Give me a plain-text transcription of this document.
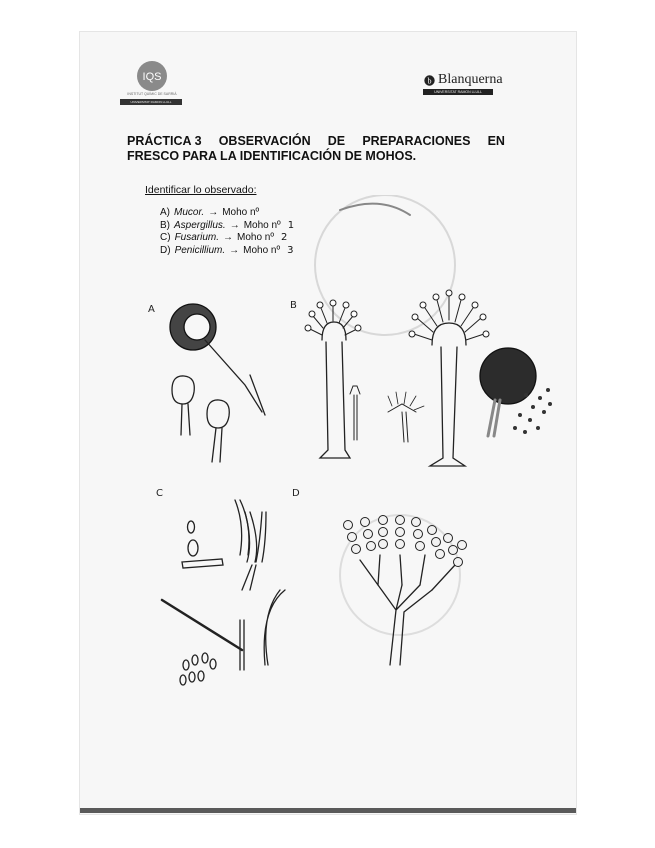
IQS
INSTITUT QUÍMIC DE SARRIÀ
UNIVERSITAT RAMON LLULL
b Blanquerna
UNIVERSITAT RAMON LLULL
PRÁCTICA 3 OBSERVACIÓN DE PREPARACIONES EN
FRESCO PARA LA IDENTIFICACIÓN DE MOHOS.
Identificar lo observado:
A) Mucor. → Moho nº
B) Aspergillus. → Moho nº 1
C) Fusarium. → Moho nº 2
D) Penicillium. → Moho nº 3
A	B
C	D
